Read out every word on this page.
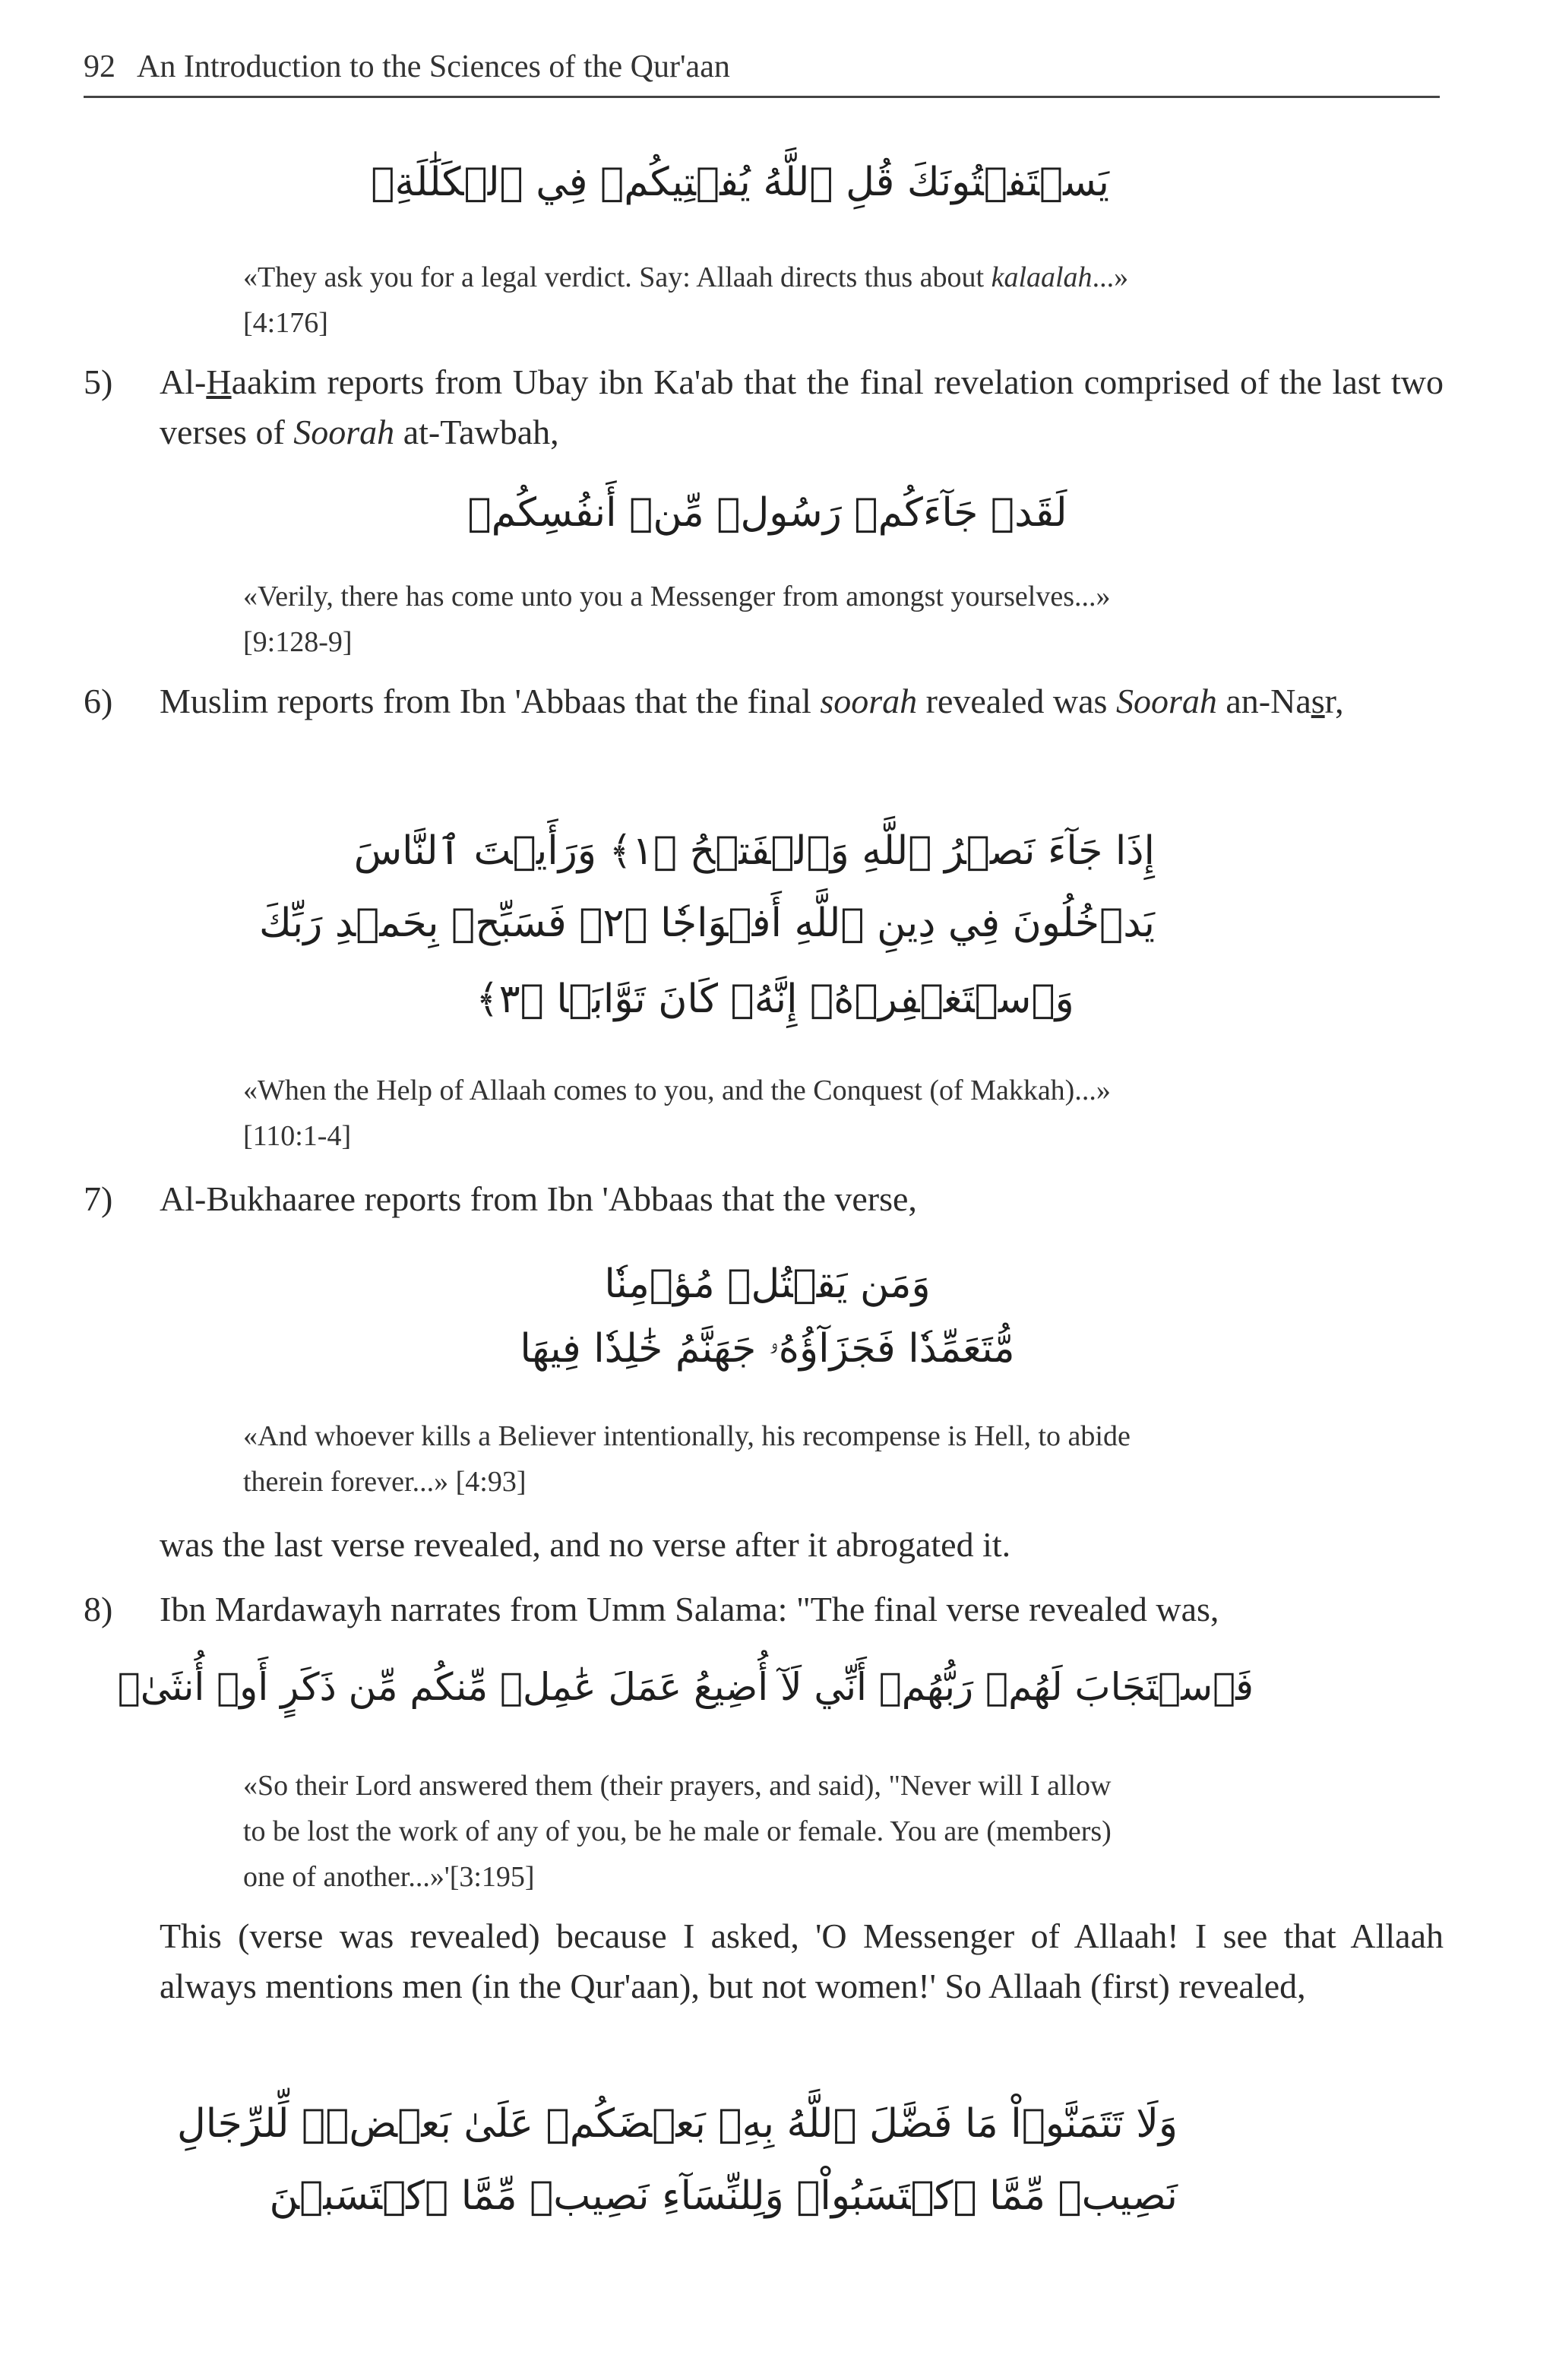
92 An Introduction to the Sciences of the Qur'aan
يَسۡتَفۡتُونَكَ قُلِ ٱللَّهُ يُفۡتِيكُمۡ فِي ٱلۡكَلَٰلَةِۚ
«They ask you for a legal verdict. Say: Allaah directs thus about kalaalah...»
[4:176]
5)	Al-Haakim reports from Ubay ibn Ka'ab that the final revelation comprised of the last two verses of Soorah at-Tawbah,
لَقَدۡ جَآءَكُمۡ رَسُولٞ مِّنۡ أَنفُسِكُمۡ
«Verily, there has come unto you a Messenger from amongst yourselves...»
[9:128-9]
6)	Muslim reports from Ibn 'Abbaas that the final soorah revealed was Soorah an-Nasr,
إِذَا جَآءَ نَصۡرُ ٱللَّهِ وَٱلۡفَتۡحُ ﴿١﴾ وَرَأَيۡتَ ٱلنَّاسَ
يَدۡخُلُونَ فِي دِينِ ٱللَّهِ أَفۡوَاجٗا ﴿٢﴾ فَسَبِّحۡ بِحَمۡدِ رَبِّكَ
وَٱسۡتَغۡفِرۡهُۚ إِنَّهُۥ كَانَ تَوَّابَۢا ﴿٣﴾
«When the Help of Allaah comes to you, and the Conquest (of Makkah)...»
[110:1-4]
7)	Al-Bukhaaree reports from Ibn 'Abbaas that the verse,
وَمَن يَقۡتُلۡ مُؤۡمِنٗا
مُّتَعَمِّدٗا فَجَزَآؤُهُۥ جَهَنَّمُ خَٰلِدٗا فِيهَا
«And whoever kills a Believer intentionally, his recompense is Hell, to abide
therein forever...» [4:93]
was the last verse revealed, and no verse after it abrogated it.
8)	Ibn Mardawayh narrates from Umm Salama: "The final verse revealed was,
فَٱسۡتَجَابَ لَهُمۡ رَبُّهُمۡ أَنِّي لَآ أُضِيعُ عَمَلَ عَٰمِلٖ مِّنكُم مِّن ذَكَرٍ أَوۡ أُنثَىٰۖ
«So their Lord answered them (their prayers, and said), "Never will I allow
to be lost the work of any of you, be he male or female. You are (members)
one of another...»'[3:195]
This (verse was revealed) because I asked, 'O Messenger of Allaah! I see that Allaah always mentions men (in the Qur'aan), but not women!' So Allaah (first) revealed,
وَلَا تَتَمَنَّوۡاْ مَا فَضَّلَ ٱللَّهُ بِهِۦ بَعۡضَكُمۡ عَلَىٰ بَعۡضٖۚ لِّلرِّجَالِ
نَصِيبٞ مِّمَّا ٱكۡتَسَبُواْۖ وَلِلنِّسَآءِ نَصِيبٞ مِّمَّا ٱكۡتَسَبۡنَ
